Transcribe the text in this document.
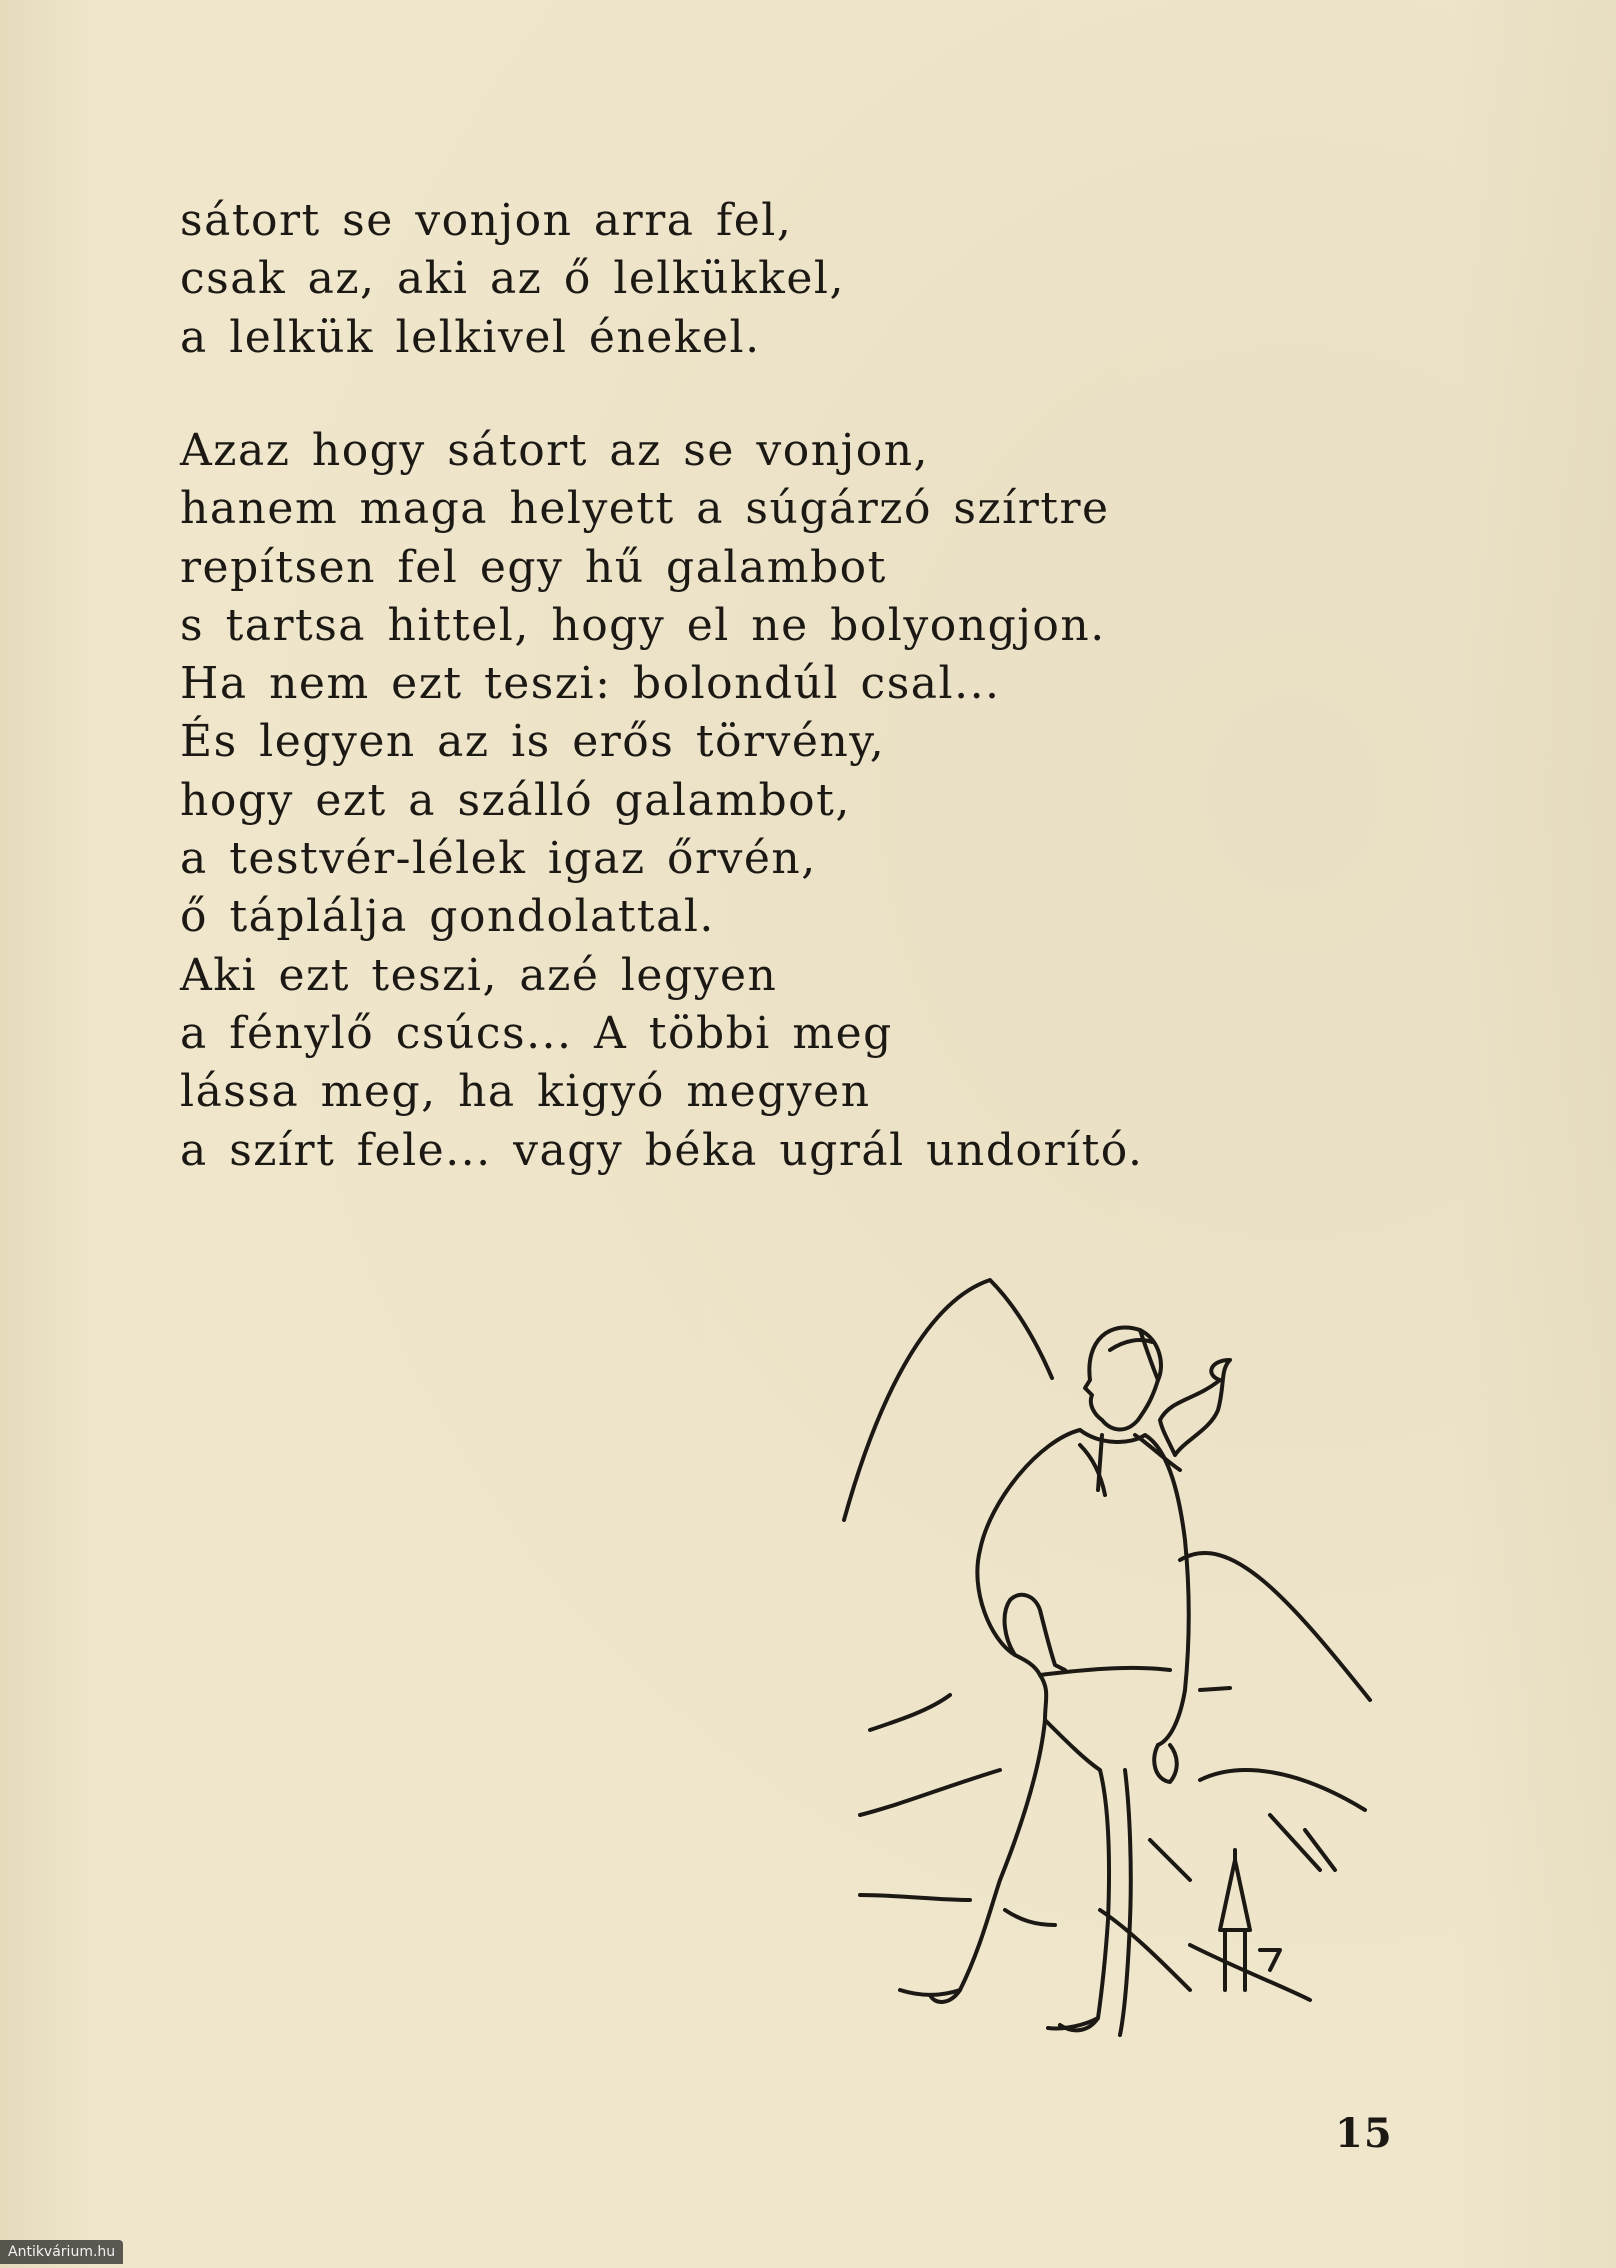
sátort se vonjon arra fel,
csak az, aki az ő lelkükkel,
a lelkük lelkivel énekel.
Azaz hogy sátort az se vonjon,
hanem maga helyett a súgárzó szírtre
repítsen fel egy hű galambot
s tartsa hittel, hogy el ne bolyongjon.
Ha nem ezt teszi: bolondúl csal...
És legyen az is erős törvény,
hogy ezt a szálló galambot,
a testvér-lélek igaz őrvén,
ő táplálja gondolattal.
Aki ezt teszi, azé legyen
a fénylő csúcs... A többi meg
lássa meg, ha kigyó megyen
a szírt fele... vagy béka ugrál undorító.
15
Antikvárium.hu
